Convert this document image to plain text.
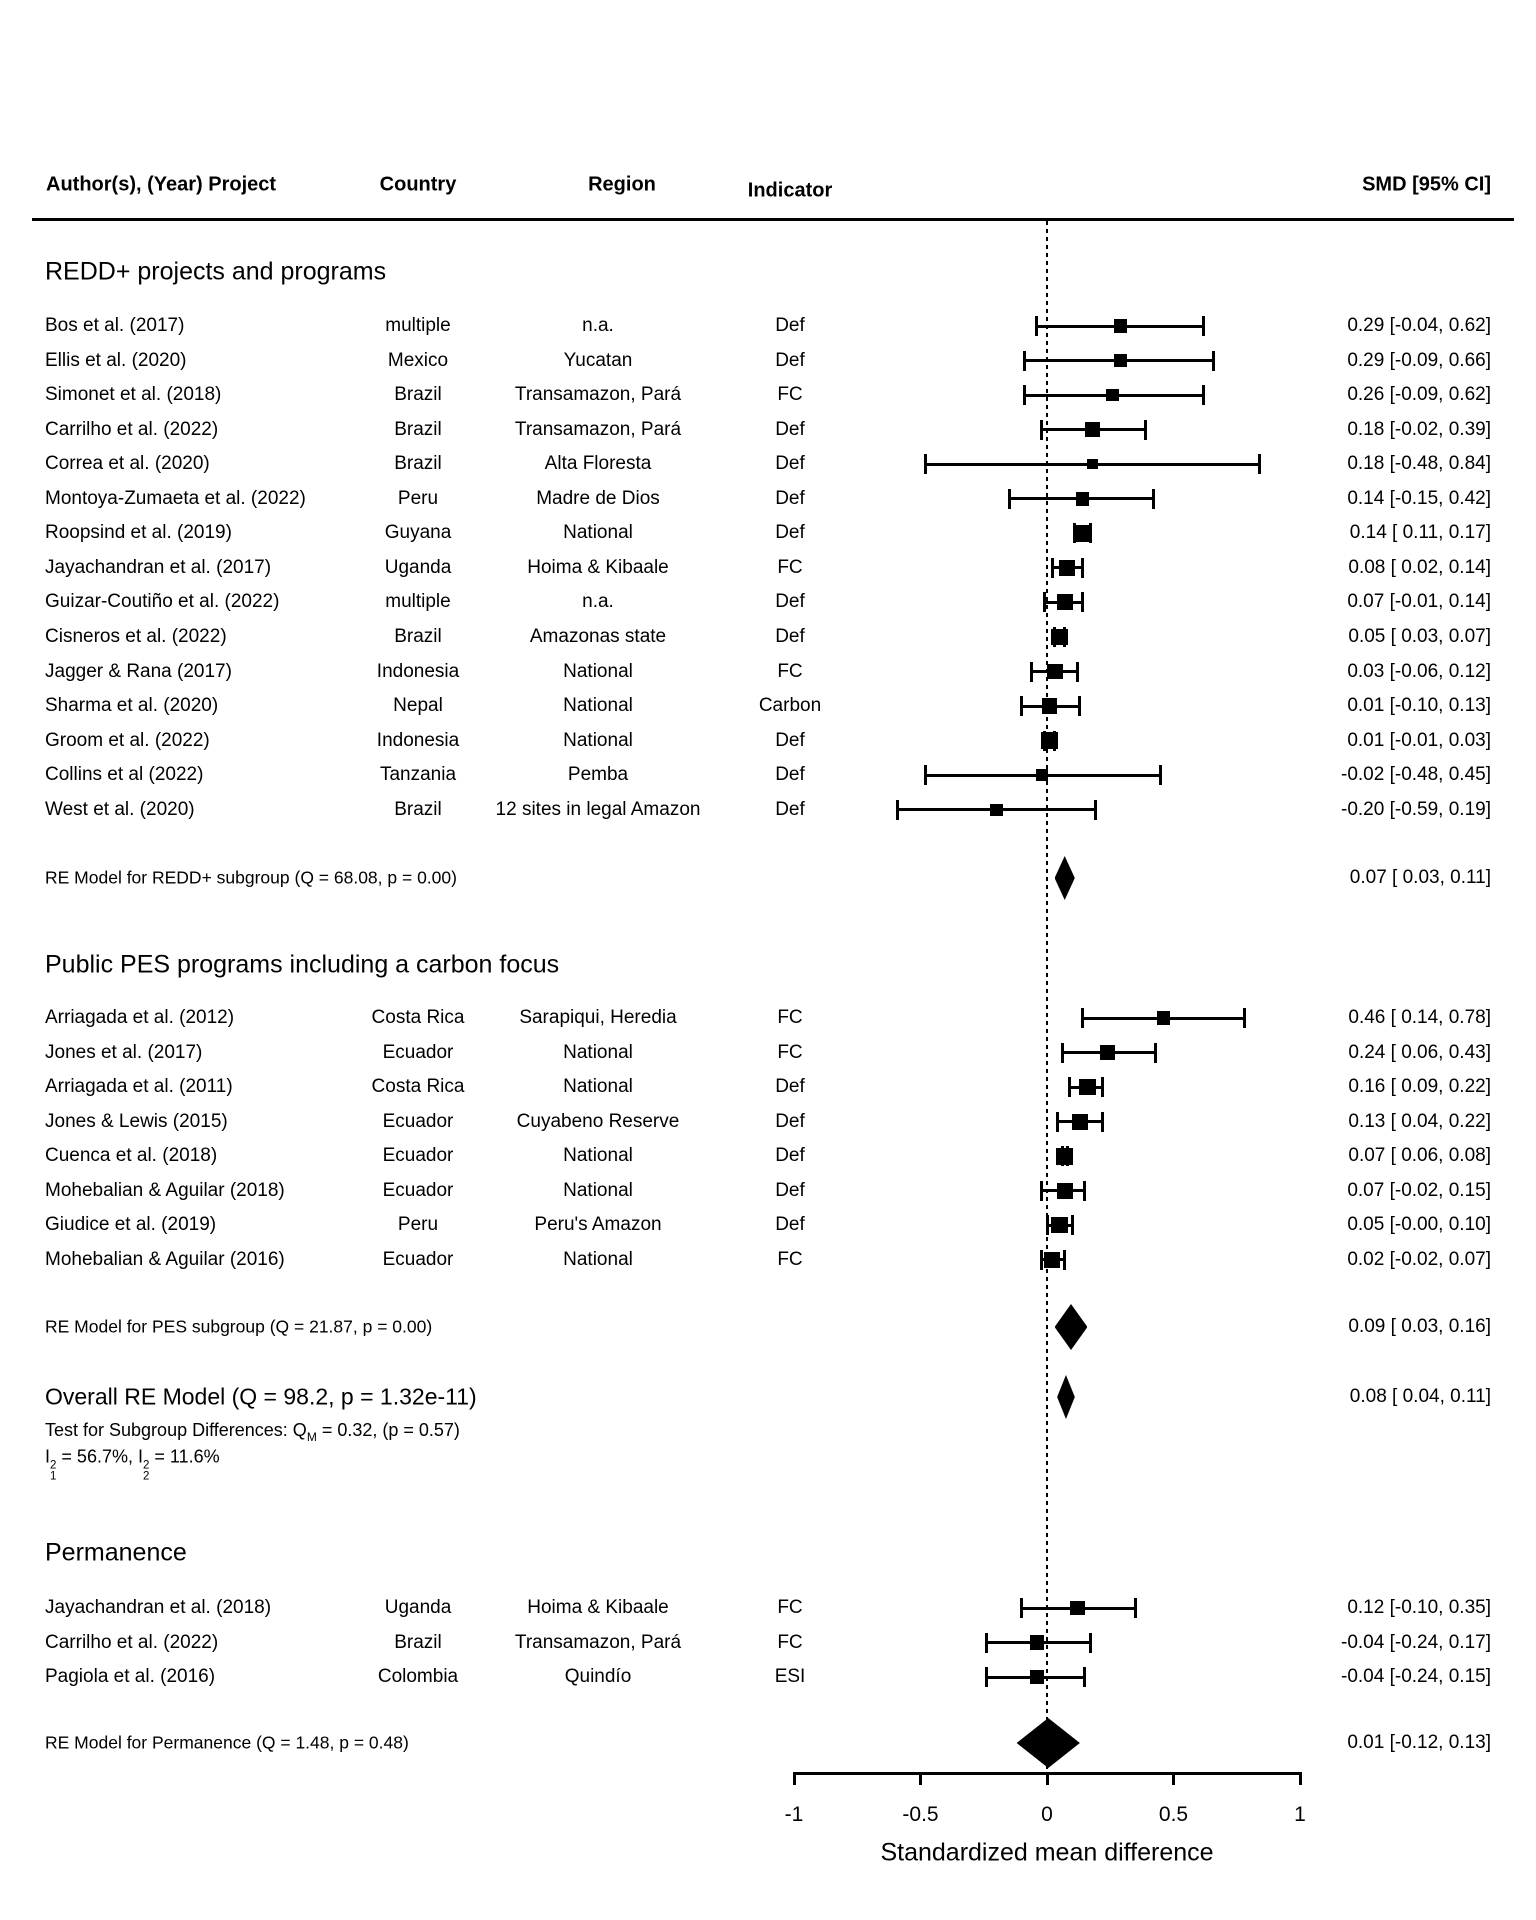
Author(s), (Year) Project	Country	Region	Indicator	SMD [95% CI]
REDD+ projects and programs
Bos et al. (2017)	multiple	n.a.	Def	0.29 [-0.04, 0.62]
Ellis et al. (2020)	Mexico	Yucatan	Def	0.29 [-0.09, 0.66]
Simonet et al. (2018)	Brazil	Transamazon, Pará	FC	0.26 [-0.09, 0.62]
Carrilho et al. (2022)	Brazil	Transamazon, Pará	Def	0.18 [-0.02, 0.39]
Correa et al. (2020)	Brazil	Alta Floresta	Def	0.18 [-0.48, 0.84]
Montoya-Zumaeta et al. (2022)	Peru	Madre de Dios	Def	0.14 [-0.15, 0.42]
Roopsind et al. (2019)	Guyana	National	Def	0.14 [ 0.11, 0.17]
Jayachandran et al. (2017)	Uganda	Hoima & Kibaale	FC	0.08 [ 0.02, 0.14]
Guizar-Coutiño et al. (2022)	multiple	n.a.	Def	0.07 [-0.01, 0.14]
Cisneros et al. (2022)	Brazil	Amazonas state	Def	0.05 [ 0.03, 0.07]
Jagger & Rana (2017)	Indonesia	National	FC	0.03 [-0.06, 0.12]
Sharma et al. (2020)	Nepal	National	Carbon	0.01 [-0.10, 0.13]
Groom et al. (2022)	Indonesia	National	Def	0.01 [-0.01, 0.03]
Collins et al (2022)	Tanzania	Pemba	Def	-0.02 [-0.48, 0.45]
West et al. (2020)	Brazil	12 sites in legal Amazon	Def	-0.20 [-0.59, 0.19]
RE Model for REDD+ subgroup (Q = 68.08, p = 0.00)	0.07 [ 0.03, 0.11]
Public PES programs including a carbon focus
Arriagada et al. (2012)	Costa Rica	Sarapiqui, Heredia	FC	0.46 [ 0.14, 0.78]
Jones et al. (2017)	Ecuador	National	FC	0.24 [ 0.06, 0.43]
Arriagada et al. (2011)	Costa Rica	National	Def	0.16 [ 0.09, 0.22]
Jones & Lewis (2015)	Ecuador	Cuyabeno Reserve	Def	0.13 [ 0.04, 0.22]
Cuenca et al. (2018)	Ecuador	National	Def	0.07 [ 0.06, 0.08]
Mohebalian & Aguilar (2018)	Ecuador	National	Def	0.07 [-0.02, 0.15]
Giudice et al. (2019)	Peru	Peru's Amazon	Def	0.05 [-0.00, 0.10]
Mohebalian & Aguilar (2016)	Ecuador	National	FC	0.02 [-0.02, 0.07]
RE Model for PES subgroup (Q = 21.87, p = 0.00)	0.09 [ 0.03, 0.16]
Permanence
Jayachandran et al. (2018)	Uganda	Hoima & Kibaale	FC	0.12 [-0.10, 0.35]
Carrilho et al. (2022)	Brazil	Transamazon, Pará	FC	-0.04 [-0.24, 0.17]
Pagiola et al. (2016)	Colombia	Quindío	ESI	-0.04 [-0.24, 0.15]
RE Model for Permanence (Q = 1.48, p = 0.48)	0.01 [-0.12, 0.13]
Overall RE Model (Q = 98.2, p = 1.32e-11)	0.08 [ 0.04, 0.11]
Test for Subgroup Differences: $Q_M = 0.32$, (p = 0.57)
I 2
1
= 56.7%, I 2
2
= 11.6%
-1	-0.5	0	0.5	1
Standardized mean difference
